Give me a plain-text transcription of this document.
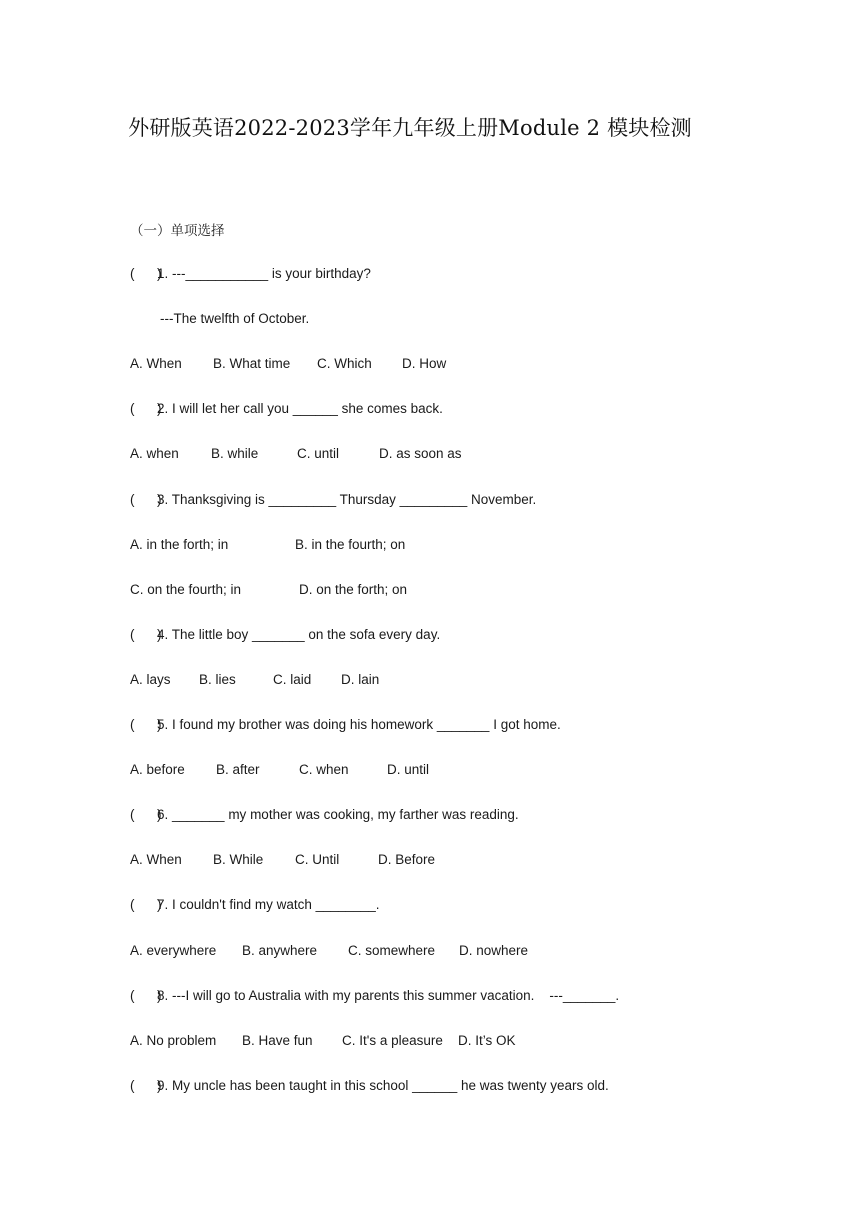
外研版英语2022-2023学年九年级上册Module 2 模块检测
（一）单项选择
(      )1. ---___________ is your birthday?
---The twelfth of October.
A. When B. What time C. Which D. How
(      )2. I will let her call you ______ she comes back.
A. when B. while	C. until	D. as soon as
(      )3. Thanksgiving is _________ Thursday _________ November.
A. in the forth; in	B. in the fourth; on
C. on the fourth; in	D. on the forth; on
(      )4. The little boy _______ on the sofa every day.
A. lays B. lies	C. laid D. lain
(      )5. I found my brother was doing his homework _______ I got home.
A. before B. after	C. when	D. until
(      )6. _______ my mother was cooking, my farther was reading.
A. When B. While C. Until	D. Before
(      )7. I couldn't find my watch ________.
A. everywhere B. anywhere C. somewhere D. nowhere
(      )8. ---I will go to Australia with my parents this summer vacation.    ---_______.
A. No problem B. Have fun C. It's a pleasure D. It’s OK
(      )9. My uncle has been taught in this school ______ he was twenty years old.
